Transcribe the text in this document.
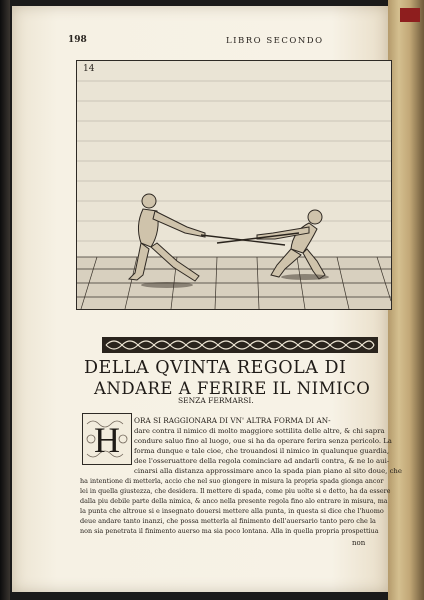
198	LIBRO SECONDO
14
DELLA QVINTA REGOLA DI
ANDARE A FERIRE IL NIMICO
SENZA FERMARSI.
H ORA SI RAGGIONARA DI VN' ALTRA FORMA DI AN-
dare contra il nimico di molto maggiore sottilita delle altre, & chi sapra
condure saluo fino al luogo, oue si ha da operare ferira senza pericolo. La
forma dunque e tale cioe, che trouandosi il nimico in qualunque guardia,
dee l'osseruattore della regola cominciare ad andarli contra, & ne lo aui-
cinarsi alla distanza approssimare anco la spada pian piano al sito doue, che
ha intentione di metterla, accio che nel suo giongere in misura la propria spada gionga ancor
lei in quella giustezza, che desidera. Il mettere di spada, come piu uolte si e detto, ha da essere
dalla piu debile parte della nimica, & anco nella presente regola fino alo entrare in misura, ma
la punta che altroue si e insegnato douersi mettere alla punta, in questa si dice che l'huomo
deue andare tanto inanzi, che possa metterla al finimento dell'auersario tanto pero che la
non sia penetrata il finimento auerso ma sia poco lontana. Alla in quella propria prospettiua
non
